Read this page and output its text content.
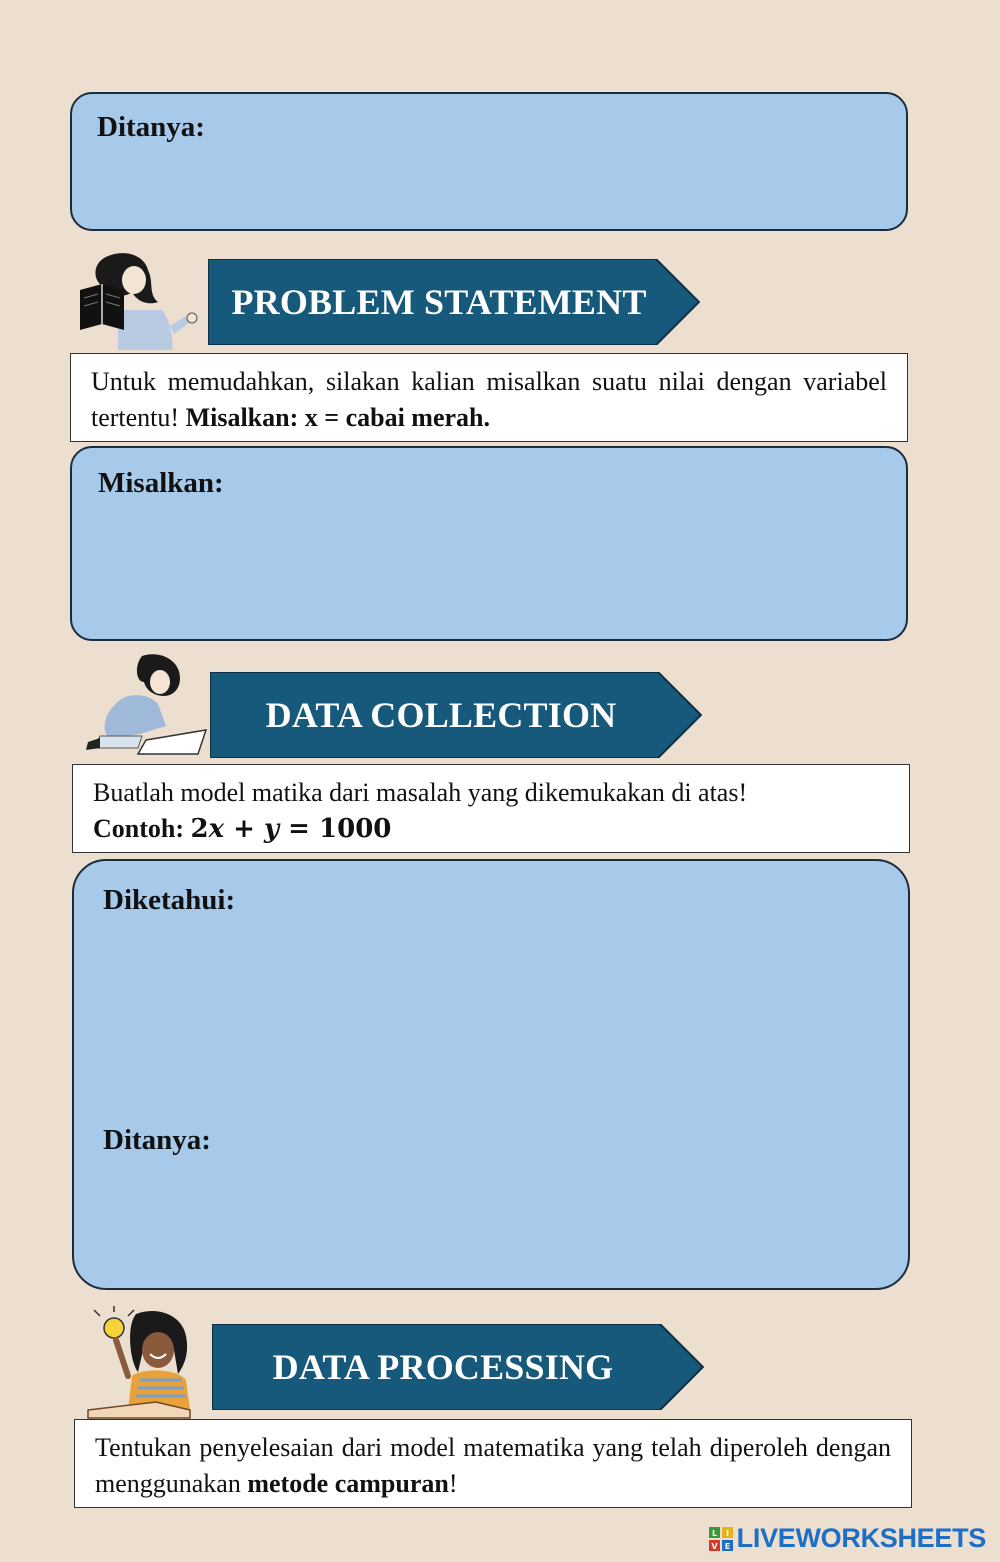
Ditanya:
PROBLEM STATEMENT
Untuk memudahkan, silakan kalian misalkan suatu nilai dengan variabel tertentu! Misalkan: x = cabai merah.
Misalkan:
DATA COLLECTION
Buatlah model matika dari masalah yang dikemukakan di atas!
Contoh: 2x + y = 1000
Diketahui:
Ditanya:
DATA PROCESSING
Tentukan penyelesaian dari model matematika yang telah diperoleh dengan menggunakan metode campuran!
L I
V E LIVEWORKSHEETS
